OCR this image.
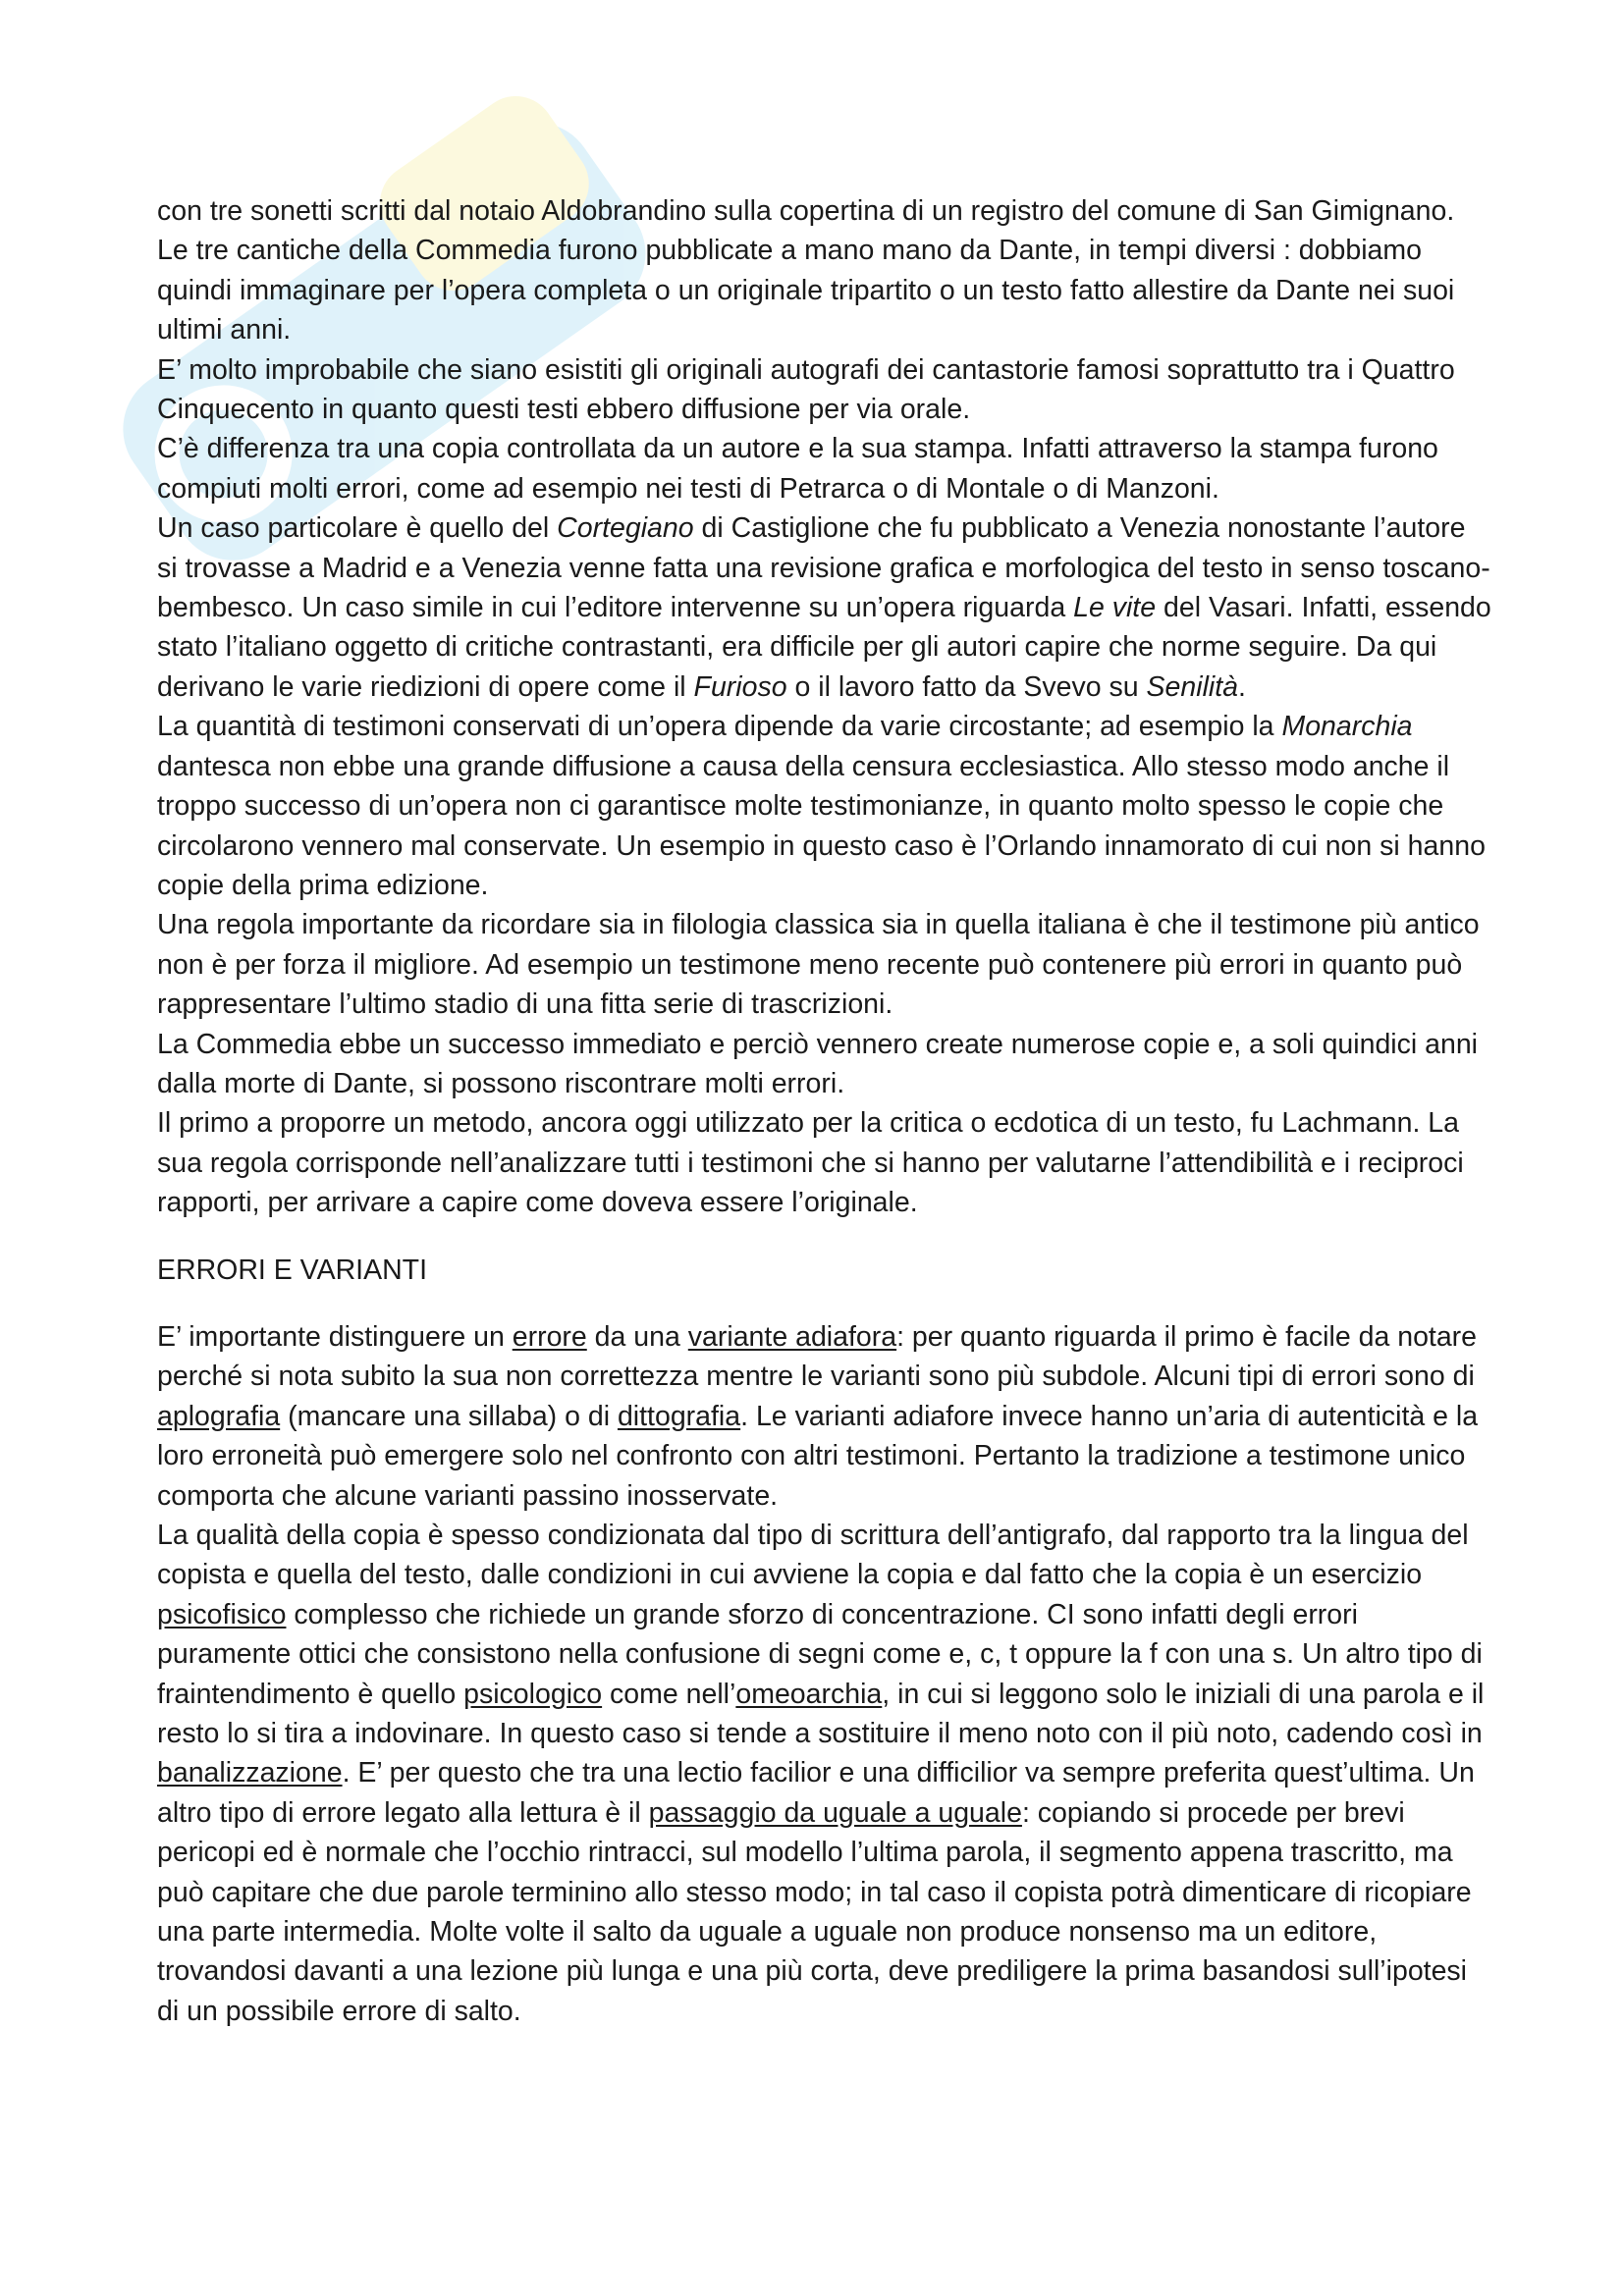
con tre sonetti scritti dal notaio Aldobrandino sulla copertina di un registro del comune di San Gimignano.

Le tre cantiche della Commedia furono pubblicate a mano mano da Dante, in tempi diversi : dobbiamo quindi immaginare per l’opera completa o un originale tripartito o un testo fatto allestire da Dante nei suoi ultimi anni.

E’ molto improbabile che siano esistiti gli originali autografi dei cantastorie famosi soprattutto tra i Quattro Cinquecento in quanto questi testi ebbero diffusione per via orale.

C’è differenza tra una copia controllata da un autore e la sua stampa. Infatti attraverso la stampa furono compiuti molti errori, come ad esempio nei testi di Petrarca o di Montale o di Manzoni.

Un caso particolare è quello del Cortegiano di Castiglione che fu pubblicato a Venezia nonostante l’autore si trovasse a Madrid e a Venezia venne fatta una revisione grafica e morfologica del testo in senso toscano-bembesco. Un caso simile in cui l’editore intervenne su un’opera riguarda Le vite del Vasari. Infatti, essendo stato l’italiano oggetto di critiche contrastanti, era difficile per gli autori capire che norme seguire. Da qui derivano le varie riedizioni di opere come il Furioso o il lavoro fatto da Svevo su Senilità.

La quantità di testimoni conservati di un’opera dipende da varie circostante; ad esempio la Monarchia dantesca non ebbe una grande diffusione a causa della censura ecclesiastica. Allo stesso modo anche il troppo successo di un’opera non ci garantisce molte testimonianze, in quanto molto spesso le copie che circolarono vennero mal conservate. Un esempio in questo caso è l’Orlando innamorato di cui non si hanno copie della prima edizione.

Una regola importante da ricordare sia in filologia classica sia in quella italiana è che il testimone più antico non è per forza il migliore. Ad esempio un testimone meno recente può contenere più errori in quanto può rappresentare l’ultimo stadio di una fitta serie di trascrizioni.

La Commedia ebbe un successo immediato e perciò vennero create numerose copie e, a soli quindici anni dalla morte di Dante, si possono riscontrare molti errori.

Il primo a proporre un metodo, ancora oggi utilizzato per la critica o ecdotica di un testo, fu Lachmann. La sua regola corrisponde nell’analizzare tutti i testimoni che si hanno per valutarne l’attendibilità e i reciproci rapporti, per arrivare a capire come doveva essere l’originale.

ERRORI E VARIANTI

E’ importante distinguere un errore da una variante adiafora: per quanto riguarda il primo è facile da notare perché si nota subito la sua non correttezza mentre le varianti sono più subdole. Alcuni tipi di errori sono di aplografia (mancare una sillaba) o di dittografia. Le varianti adiafore invece hanno un’aria di autenticità e la loro erroneità può emergere solo nel confronto con altri testimoni. Pertanto la tradizione a testimone unico comporta che alcune varianti passino inosservate.

La qualità della copia è spesso condizionata dal tipo di scrittura dell’antigrafo, dal rapporto tra la lingua del copista e quella del testo, dalle condizioni in cui avviene la copia e dal fatto che la copia è un esercizio psicofisico complesso che richiede un grande sforzo di concentrazione. CI sono infatti degli errori puramente ottici che consistono nella confusione di segni come e, c, t oppure la f con una s. Un altro tipo di fraintendimento è quello psicologico come nell’omeoarchia, in cui si leggono solo le iniziali di una parola e il resto lo si tira a indovinare. In questo caso si tende a sostituire il meno noto con il più noto, cadendo così in banalizzazione. E’ per questo che tra una lectio facilior e una difficilior va sempre preferita quest’ultima. Un altro tipo di errore legato alla lettura è il passaggio da uguale a uguale: copiando si procede per brevi pericopi ed è normale che l’occhio rintracci, sul modello l’ultima parola, il segmento appena trascritto, ma può capitare che due parole terminino allo stesso modo; in tal caso il copista potrà dimenticare di ricopiare una parte intermedia. Molte volte il salto da uguale a uguale non produce nonsenso ma un editore, trovandosi davanti a una lezione più lunga e una più corta, deve prediligere la prima basandosi sull’ipotesi di un possibile errore di salto.
